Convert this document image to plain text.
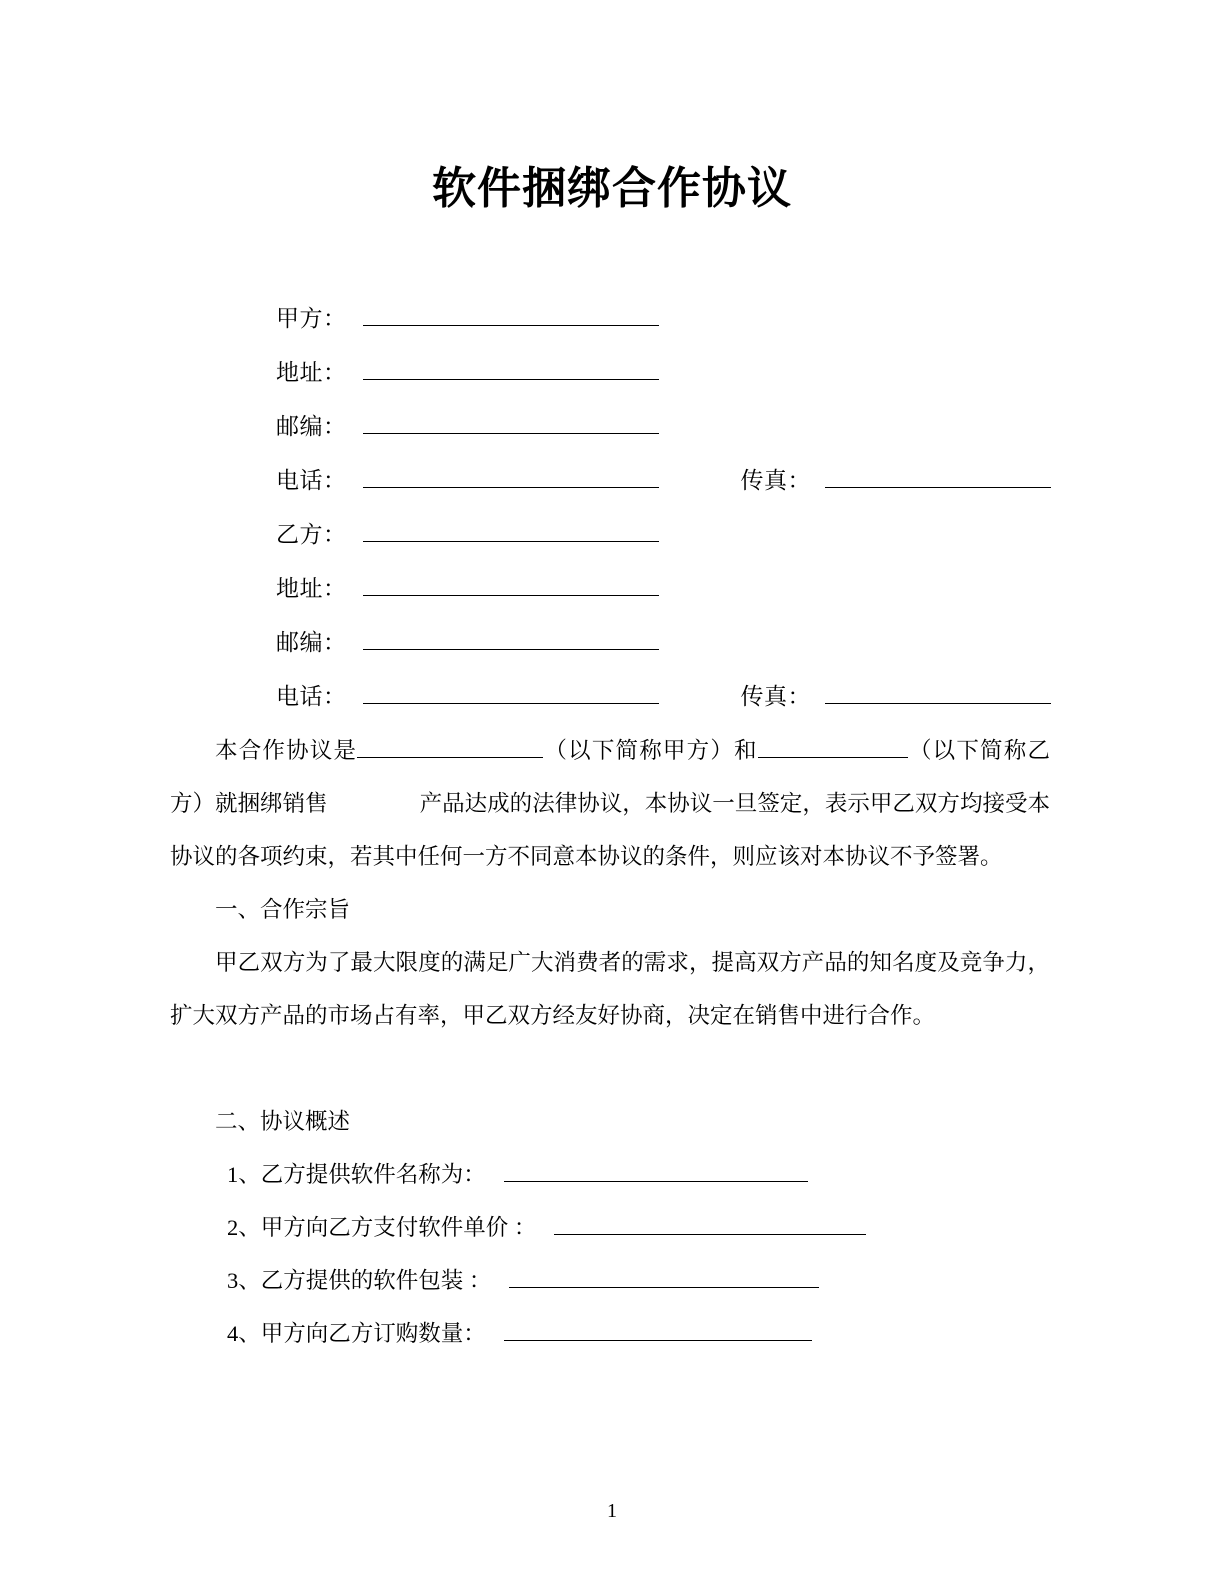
软件捆绑合作协议
甲方：
地址：
邮编：
电话：	传真：
乙方：
地址：
邮编：
电话：	传真：

本合作协议是	（以下简称甲方）和	（以下简称乙方）就捆绑销售	产品达成的法律协议，本协议一旦签定，表示甲乙双方均接受本协议的各项约束，若其中任何一方不同意本协议的条件，则应该对本协议不予签署。

一、合作宗旨

甲乙双方为了最大限度的满足广大消费者的需求，提高双方产品的知名度及竞争力，扩大双方产品的市场占有率，甲乙双方经友好协商，决定在销售中进行合作。

二、协议概述

1、乙方提供软件名称为：

2、甲方向乙方支付软件单价 ：

3、乙方提供的软件包装 ：

4、甲方向乙方订购数量：

1
